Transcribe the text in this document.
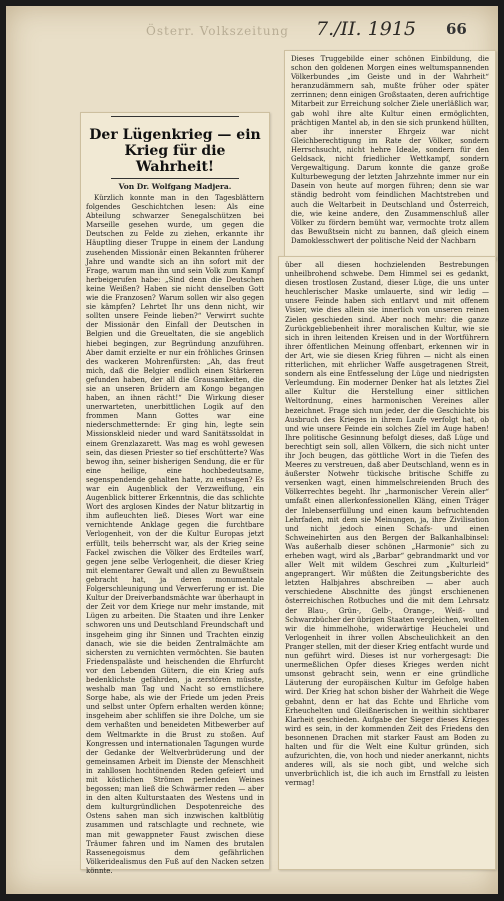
Österr. Volkszeitung 7./II. 1915 66
Der Lügenkrieg — ein Krieg für die Wahrheit!
Von Dr. Wolfgang Madjera.

Kürzlich konnte man in den Tagesblättern folgendes Geschichtchen lesen: Als eine Abteilung schwarzer Senegalschützen bei Marseille gesehen wurde, um gegen die Deutschen zu Felde zu ziehen, erkannte ihr Häuptling dieser Truppe in einem der Landung zusehenden Missionär einen Bekannten früherer Jahre und wandte sich an ihn sofort mit der Frage, warum man ihn und sein Volk zum Kampf herbeigerufen habe: „Sind denn die Deutschen keine Weißen? Haben sie nicht denselben Gott wie die Franzosen? Warum sollen wir also gegen sie kämpfen? Lehrtet Ihr uns denn nicht, wir sollten unsere Feinde lieben?“ Verwirrt suchte der Missionär den Einfall der Deutschen in Belgien und die Greueltaten, die sie angeblich hiebei begingen, zur Begründung anzuführen. Aber damit erzielte er nur ein fröhliches Grinsen des wackeren Mohrenfürsten: „Ah, das freut mich, daß die Belgier endlich einen Stärkeren gefunden haben, der all die Grausamkeiten, die sie an unseren Brüdern am Kongo begangen haben, an ihnen rächt!“ Die Wirkung dieser unerwarteten, unerbittlichen Logik auf den frommen Mann Gottes war eine niederschmetternde: Er ging hin, legte sein Missionskleid nieder und ward Sanitätssoldat in einem Grenzlazarett. Was mag es wohl gewesen sein, das diesen Priester so tief erschütterte? Was bewog ihn, seiner bisherigen Sendung, die er für eine heilige, eine hochbedeutsame, segenspendende gehalten hatte, zu entsagen? Es war ein Augenblick der Verzweiflung, ein Augenblick bitterer Erkenntnis, die das schlichte Wort des arglosen Kindes der Natur blitzartig in ihm aufleuchten ließ. Dieses Wort war eine vernichtende Anklage gegen die furchtbare Verlogenheit, von der die Kultur Europas jetzt erfüllt, teils beherrscht war, als der Krieg seine Fackel zwischen die Völker des Erdteiles warf, gegen jene selbe Verlogenheit, die dieser Krieg mit elementarer Gewalt und allen zu Bewußtsein gebracht hat, ja deren monumentale Folgerschleunigung und Verwerferung er ist. Die Kultur der Dreiverbandsmächte war überhaupt in der Zeit vor dem Kriege nur mehr imstande, mit Lügen zu arbeiten. Die Staaten und ihre Lenker schworen uns und Deutschland Freundschaft und insgeheim ging ihr Sinnen und Trachten einzig danach, wie sie die beiden Zentralmächte am sichersten zu vernichten vermöchten. Sie bauten Friedenspaläste und heischenden die Ehrfurcht vor den Lebenden Gütern, die ein Krieg aufs bedenklichste gefährden, ja zerstören müsste, weshalb man Tag und Nacht so ernstlichere Sorge habe, als wie der Friede um jeden Preis und selbst unter Opfern erhalten werden könne; insgeheim aber schliffen sie ihre Dolche, um sie dem verhaßten und beneideten Mitbewerber auf dem Weltmarkte in die Brust zu stoßen. Auf Kongressen und internationalen Tagungen wurde der Gedanke der Weltverbrüderung und der gemeinsamen Arbeit im Dienste der Menschheit in zahllosen hochtönenden Reden gefeiert und mit köstlichen Strömen perlenden Weines begossen; man ließ die Schwärmer reden — aber in den alten Kulturstaaten des Westens und in dem kulturgründlichen Despotenreiche des Ostens sahen man sich inzwischen kaltblütig zusammen und ratschlagte und rechnete, wie man mit gewappneter Faust zwischen diese Träumer fahren und im Namen des brutalen Rassenegoismus dem gefährlichen Völkeridealismus den Fuß auf den Nacken setzen könnte.

Dieses Truggebilde einer schönen Einbildung, die schon den goldenen Morgen eines weltumspannenden Völkerbundes „im Geiste und in der Wahrheit“ heranzudämmern sah, mußte früher oder später zerrinnen; denn einigen Großstaaten, deren aufrichtige Mitarbeit zur Erreichung solcher Ziele unerläßlich war, gab wohl ihre alte Kultur einen ermöglichten, prächtigen Mantel ab, in den sie sich prunkend hüllten, aber ihr innerster Ehrgeiz war nicht Gleichberechtigung im Rate der Völker, sondern Herrschsucht, nicht hehre Ideale, sondern für den Geldsack, nicht friedlicher Wettkampf, sondern Vergewaltigung. Darum konnte die ganze große Kulturbewegung der letzten Jahrzehnte immer nur ein Dasein von heute auf morgen führen; denn sie war ständig bedroht vom feindlichen Machtstreben und auch die Weltarbeit in Deutschland und Österreich, die, wie keine andere, den Zusammenschluß aller Völker zu fördern bemüht war, vermochte trotz allem das Bewußtsein nicht zu bannen, daß gleich einem Damoklesschwert der politische Neid der Nachbarn
über all diesen hochzielenden Bestrebungen unheilbrohend schwebe. Dem Himmel sei es gedankt, diesen trostlosen Zustand, dieser Lüge, die uns unter heuchlerischer Maske umlauerte, sind wir ledig — unsere Feinde haben sich entlarvt und mit offenem Visier, wie dies allein sie innerlich von unseren reinen Zielen geschieden sind. Aber noch mehr: die ganze Zurückgebliebenheit ihrer moralischen Kultur, wie sie sich in ihren leitenden Kreisen und in der Wortführern ihrer öffentlichen Meinung offenbart, erkennen wir in der Art, wie sie diesen Krieg führen — nicht als einen ritterlichen, mit ehrlicher Waffe ausgetragenen Streit, sondern als eine Entfesselung der Lüge und niedrigsten Verleumdung. Ein moderner Denker hat als letztes Ziel aller Kultur die Herstellung einer sittlichen Weltordnung, eines harmonischen Vereines aller bezeichnet. Frage sich nun jeder, der die Geschichte bis Ausbruch des Krieges in ihrem Laufe verfolgt hat, ob und wie unsere Feinde ein solches Ziel im Auge haben! Ihre politische Gesinnung befolgt dieses, daß Lüge und berechtigt sein soll, allen Völkern, die sich nicht unter ihr Joch beugen, das göttliche Wort in die Tiefen des Meeres zu verstreuen, daß aber Deutschland, wenn es in äußerster Notwehr tückische britische Schiffe zu versenken wagt, einen himmelschreienden Bruch des Völkerrechtes begeht. Ihr „harmonischer Verein aller“ umfaßt einen allerkonfessionellen Kläng, einen Träger der Inlebenserfüllung und einen kaum befruchtenden Lehrfaden, mit dem sie Meinungen, ja, ihre Zivilisation und nicht jedoch einen Schafs- und einen Schweinehirten aus den Bergen der Balkanhalbinsel: Was außerhalb dieser schönen „Harmonie“ sich zu erheben wagt, wird als „Barbar“ gebrandmarkt und vor aller Welt mit wildem Geschrei zum „Kulturleid“ angeprangert. Wir müßten die Zeitungsberichte des letzten Halbjahres abschreiben — aber auch verschiedene Abschnitte des jüngst erschienenen österreichischen Rotbuches und die mit dem Lehrsatz der Blau-, Grün-, Gelb-, Orange-, Weiß- und Schwarzbücher der übrigen Staaten vergleichen, wollten wir die himmelhohe, widerwärtige Heuchelei und Verlogenheit in ihrer vollen Abscheulichkeit an den Pranger stellen, mit der dieser Krieg entfacht wurde und nun geführt wird. Dieses ist nur vorhergesagt: Die unermeßlichen Opfer dieses Krieges werden nicht umsonst gebracht sein, wenn er eine gründliche Läuterung der europäischen Kultur im Gefolge haben wird. Der Krieg hat schon bisher der Wahrheit die Wege gebahnt, denn er hat das Echte und Ehrliche vom Erheuchelten und Gleißnerischen in weithin sichtbarer Klarheit geschieden. Aufgabe der Sieger dieses Krieges wird es sein, in der kommenden Zeit des Friedens den besonnenen Drachen mit starker Faust am Boden zu halten und für die Welt eine Kultur gründen, sich aufzurichten, die, von hoch und nieder anerkannt, nichts anderes will, als sie noch gibt, und welche sich unverbrüchlich ist, die ich auch im Ernstfall zu leisten vermag!
